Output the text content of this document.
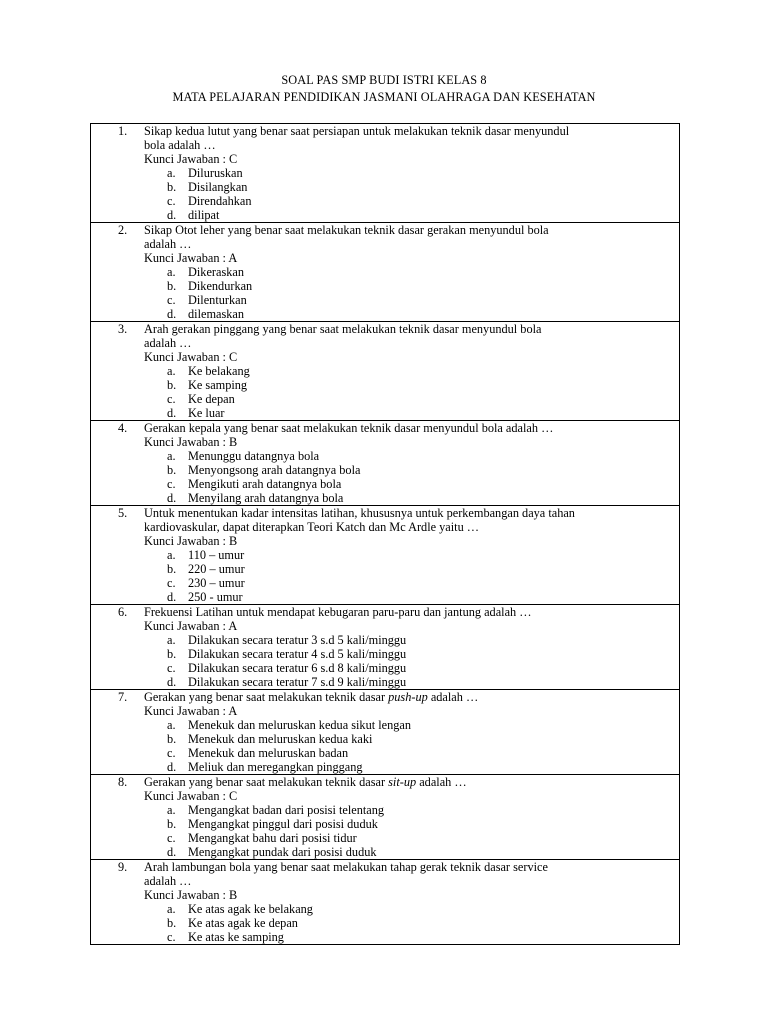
SOAL PAS SMP BUDI ISTRI KELAS 8
MATA PELAJARAN PENDIDIKAN JASMANI OLAHRAGA DAN KESEHATAN
1.	Sikap kedua lutut yang benar saat persiapan untuk melakukan teknik dasar menyundul
bola adalah …
Kunci Jawaban : C
a. Diluruskan
b. Disilangkan
c. Direndahkan
d. dilipat
2.	Sikap Otot leher yang benar saat melakukan teknik dasar gerakan menyundul bola
adalah …
Kunci Jawaban : A
a. Dikeraskan
b. Dikendurkan
c. Dilenturkan
d. dilemaskan
3.	Arah gerakan pinggang yang benar saat melakukan teknik dasar menyundul bola
adalah …
Kunci Jawaban : C
a. Ke belakang
b. Ke samping
c. Ke depan
d. Ke luar
4.	Gerakan kepala yang benar saat melakukan teknik dasar menyundul bola adalah …
Kunci Jawaban : B
a. Menunggu datangnya bola
b. Menyongsong arah datangnya bola
c. Mengikuti arah datangnya bola
d. Menyilang arah datangnya bola
5.	Untuk menentukan kadar intensitas latihan, khususnya untuk perkembangan daya tahan
kardiovaskular, dapat diterapkan Teori Katch dan Mc Ardle yaitu …
Kunci Jawaban : B
a. 110 – umur
b. 220 – umur
c. 230 – umur
d. 250 - umur
6.	Frekuensi Latihan untuk mendapat kebugaran paru-paru dan jantung adalah …
Kunci Jawaban : A
a. Dilakukan secara teratur 3 s.d 5 kali/minggu
b. Dilakukan secara teratur 4 s.d 5 kali/minggu
c. Dilakukan secara teratur 6 s.d 8 kali/minggu
d. Dilakukan secara teratur 7 s.d 9 kali/minggu
7.	Gerakan yang benar saat melakukan teknik dasar push-up adalah …
Kunci Jawaban : A
a. Menekuk dan meluruskan kedua sikut lengan
b. Menekuk dan meluruskan kedua kaki
c. Menekuk dan meluruskan badan
d. Meliuk dan meregangkan pinggang
8.	Gerakan yang benar saat melakukan teknik dasar sit-up adalah …
Kunci Jawaban : C
a. Mengangkat badan dari posisi telentang
b. Mengangkat pinggul dari posisi duduk
c. Mengangkat bahu dari posisi tidur
d. Mengangkat pundak dari posisi duduk
9.	Arah lambungan bola yang benar saat melakukan tahap gerak teknik dasar service
adalah …
Kunci Jawaban : B
a. Ke atas agak ke belakang
b. Ke atas agak ke depan
c. Ke atas ke samping
